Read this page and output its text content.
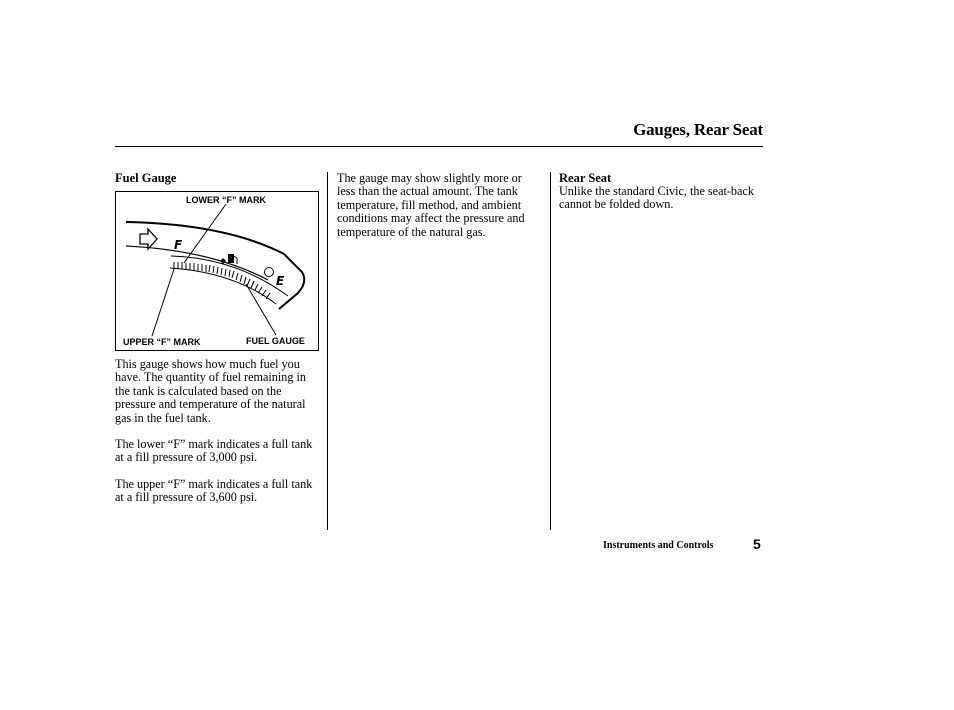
Gauges, Rear Seat
Fuel Gauge
LOWER “F” MARK
F
E
UPPER “F” MARK	FUEL GAUGE

This gauge shows how much fuel you have. The quantity of fuel remaining in the tank is calculated based on the pressure and temperature of the natural gas in the fuel tank.

The lower “F” mark indicates a full tank at a fill pressure of 3,000 psi.

The upper “F” mark indicates a full tank at a fill pressure of 3,600 psi.

The gauge may show slightly more or less than the actual amount. The tank temperature, fill method, and ambient conditions may affect the pressure and temperature of the natural gas.
Rear Seat
Unlike the standard Civic, the seat-back cannot be folded down.
Instruments and Controls	5
